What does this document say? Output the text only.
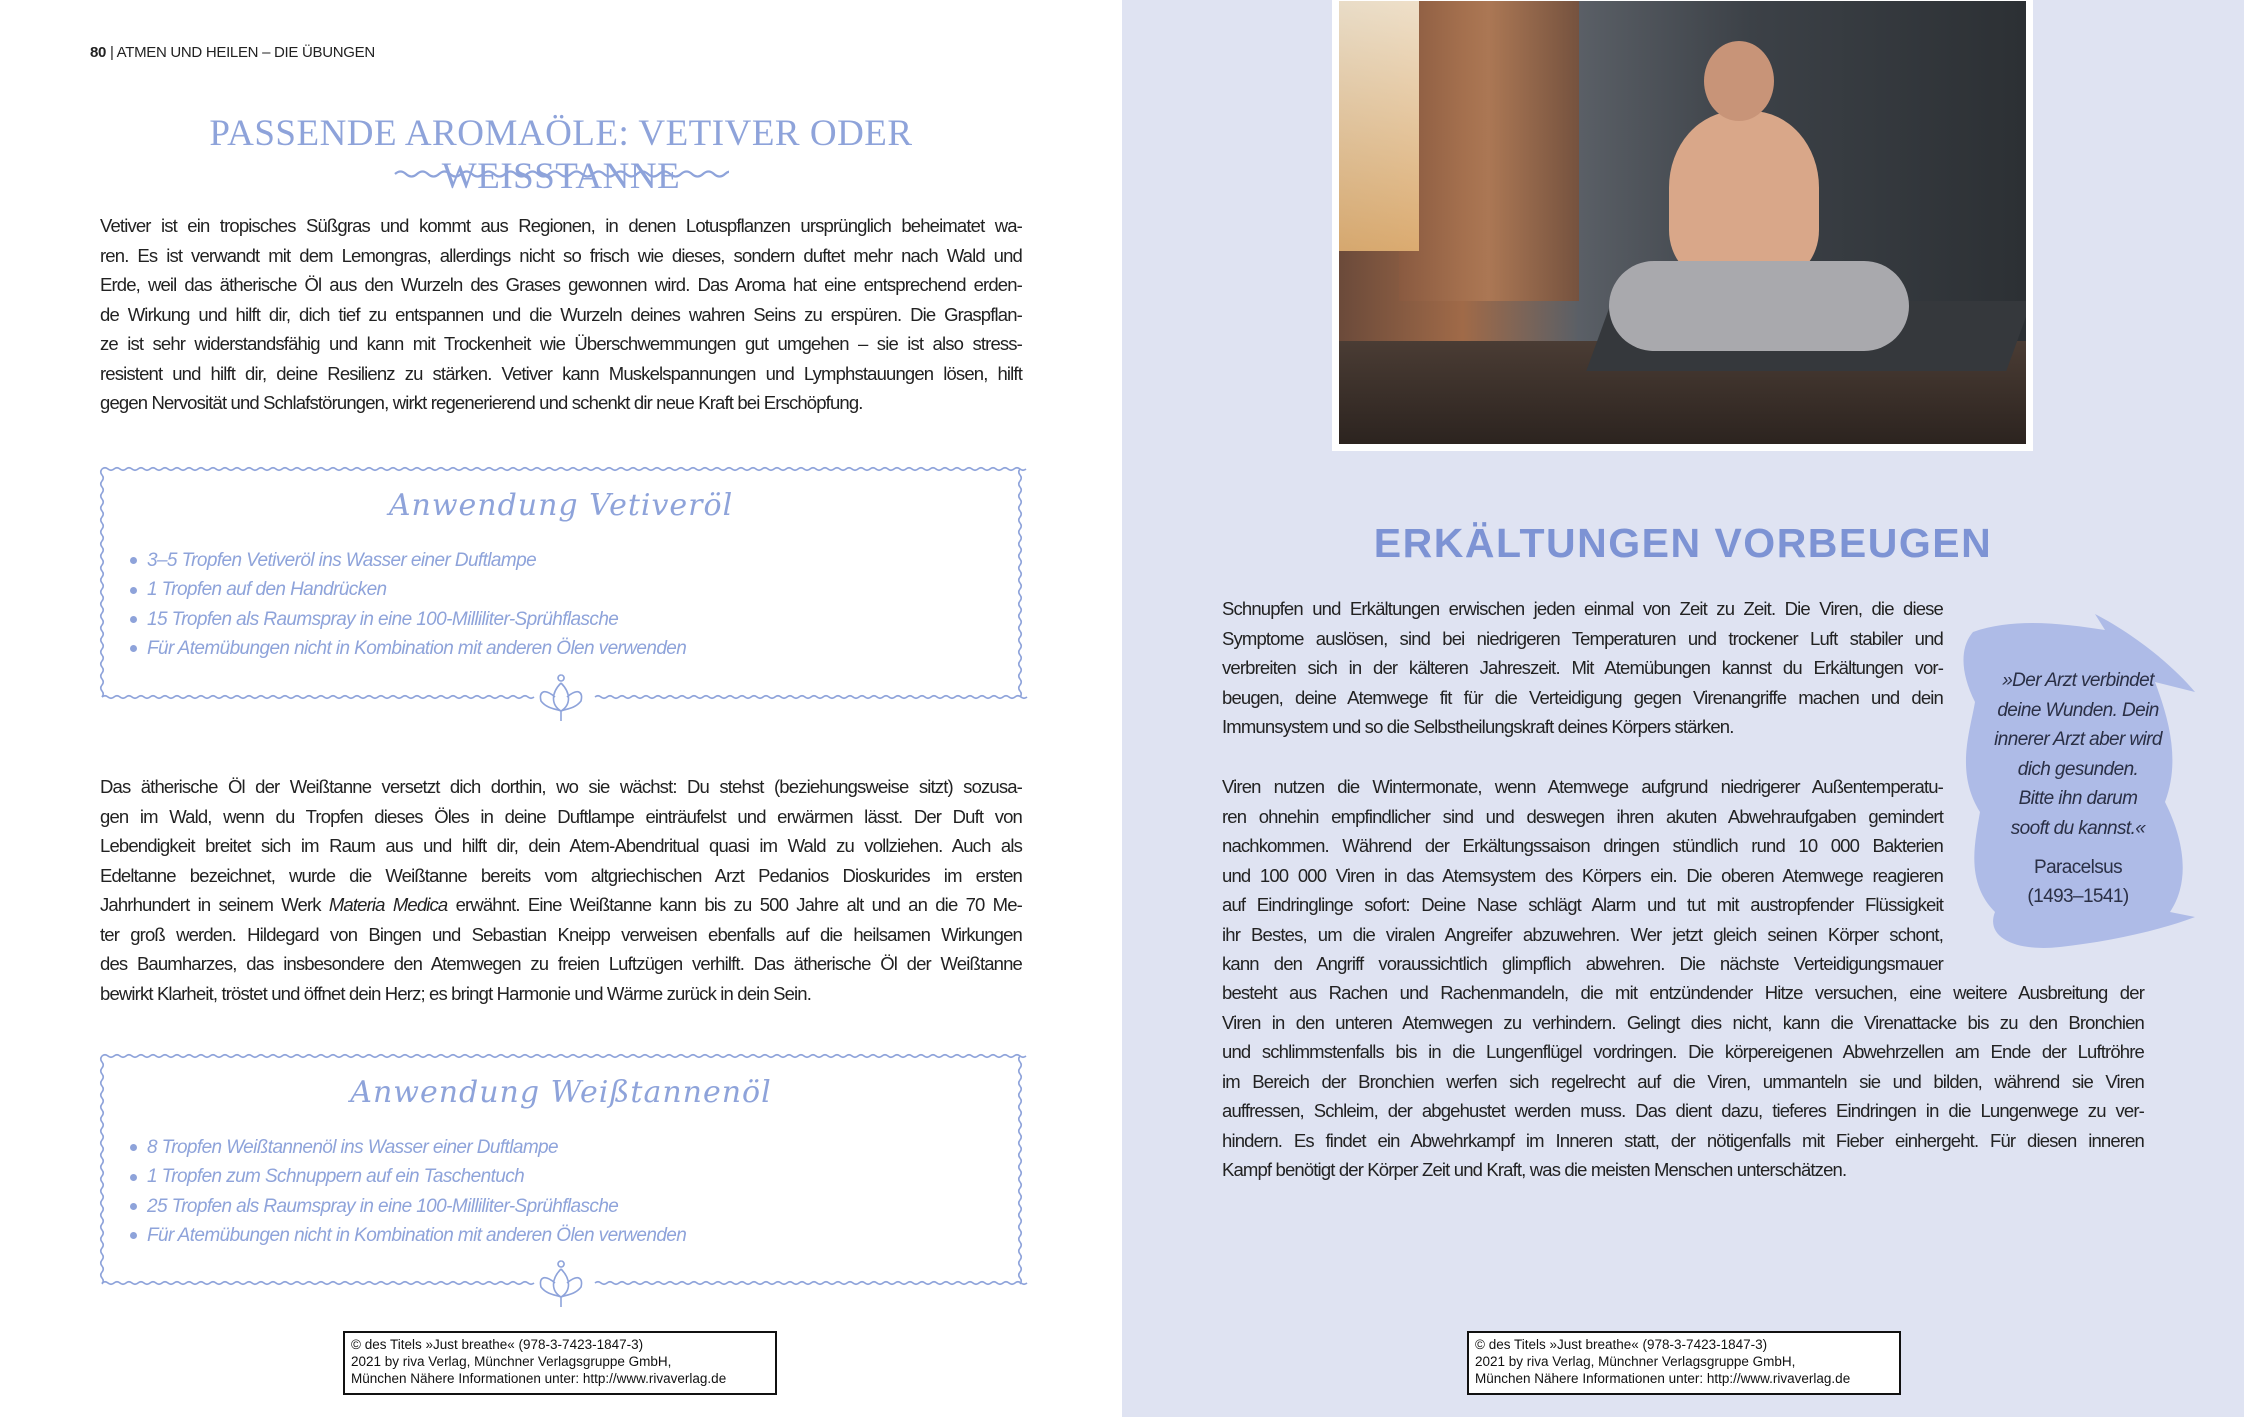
80 | ATMEN UND HEILEN – DIE ÜBUNGEN
PASSENDE AROMAÖLE: VETIVER ODER WEISSTANNE
Anwendung Vetiveröl
3–5 Tropfen Vetiveröl ins Wasser einer Duftlampe
1 Tropfen auf den Handrücken
15 Tropfen als Raumspray in eine 100-Milliliter-Sprühflasche
Für Atemübungen nicht in Kombination mit anderen Ölen verwenden
Anwendung Weißtannenöl
8 Tropfen Weißtannenöl ins Wasser einer Duftlampe
1 Tropfen zum Schnuppern auf ein Taschentuch
25 Tropfen als Raumspray in eine 100-Milliliter-Sprühflasche
Für Atemübungen nicht in Kombination mit anderen Ölen verwenden
© des Titels »Just breathe« (978-3-7423-1847-3)
2021 by riva Verlag, Münchner Verlagsgruppe GmbH,
München Nähere Informationen unter: http://www.rivaverlag.de
ERKÄLTUNGEN VORBEUGEN
»Der Arzt verbindet
deine Wunden. Dein
innerer Arzt aber wird
dich gesunden.
Bitte ihn darum
sooft du kannst.«
Paracelsus
(1493–1541)
© des Titels »Just breathe« (978-3-7423-1847-3)
2021 by riva Verlag, Münchner Verlagsgruppe GmbH,
München Nähere Informationen unter: http://www.rivaverlag.de
Vetiver ist ein tropisches Süßgras und kommt aus Regionen, in denen Lotuspflanzen ursprünglich beheimatet wa-
ren. Es ist verwandt mit dem Lemongras, allerdings nicht so frisch wie dieses, sondern duftet mehr nach Wald und
Erde, weil das ätherische Öl aus den Wurzeln des Grases gewonnen wird. Das Aroma hat eine entsprechend erden-
de Wirkung und hilft dir, dich tief zu entspannen und die Wurzeln deines wahren Seins zu erspüren. Die Graspflan-
ze ist sehr widerstandsfähig und kann mit Trockenheit wie Überschwemmungen gut umgehen – sie ist also stress-
resistent und hilft dir, deine Resilienz zu stärken. Vetiver kann Muskelspannungen und Lymphstauungen lösen, hilft
gegen Nervosität und Schlafstörungen, wirkt regenerierend und schenkt dir neue Kraft bei Erschöpfung.
Das ätherische Öl der Weißtanne versetzt dich dorthin, wo sie wächst: Du stehst (beziehungsweise sitzt) sozusa-
gen im Wald, wenn du Tropfen dieses Öles in deine Duftlampe einträufelst und erwärmen lässt. Der Duft von
Lebendigkeit breitet sich im Raum aus und hilft dir, dein Atem-Abendritual quasi im Wald zu vollziehen. Auch als
Edeltanne bezeichnet, wurde die Weißtanne bereits vom altgriechischen Arzt Pedanios Dioskurides im ersten
Jahrhundert in seinem Werk Materia Medica erwähnt. Eine Weißtanne kann bis zu 500 Jahre alt und an die 70 Me-
ter groß werden. Hildegard von Bingen und Sebastian Kneipp verweisen ebenfalls auf die heilsamen Wirkungen
des Baumharzes, das insbesondere den Atemwegen zu freien Luftzügen verhilft. Das ätherische Öl der Weißtanne
bewirkt Klarheit, tröstet und öffnet dein Herz; es bringt Harmonie und Wärme zurück in dein Sein.
Schnupfen und Erkältungen erwischen jeden einmal von Zeit zu Zeit. Die Viren, die diese
Symptome auslösen, sind bei niedrigeren Temperaturen und trockener Luft stabiler und
verbreiten sich in der kälteren Jahreszeit. Mit Atemübungen kannst du Erkältungen vor-
beugen, deine Atemwege fit für die Verteidigung gegen Virenangriffe machen und dein
Immunsystem und so die Selbstheilungskraft deines Körpers stärken.
Viren nutzen die Wintermonate, wenn Atemwege aufgrund niedrigerer Außentemperatu-
ren ohnehin empfindlicher sind und deswegen ihren akuten Abwehraufgaben gemindert
nachkommen. Während der Erkältungssaison dringen stündlich rund 10 000 Bakterien
und 100 000 Viren in das Atemsystem des Körpers ein. Die oberen Atemwege reagieren
auf Eindringlinge sofort: Deine Nase schlägt Alarm und tut mit austropfender Flüssigkeit
ihr Bestes, um die viralen Angreifer abzuwehren. Wer jetzt gleich seinen Körper schont,
kann den Angriff voraussichtlich glimpflich abwehren. Die nächste Verteidigungsmauer
besteht aus Rachen und Rachenmandeln, die mit entzündender Hitze versuchen, eine weitere Ausbreitung der
Viren in den unteren Atemwegen zu verhindern. Gelingt dies nicht, kann die Virenattacke bis zu den Bronchien
und schlimmstenfalls bis in die Lungenflügel vordringen. Die körpereigenen Abwehrzellen am Ende der Luftröhre
im Bereich der Bronchien werfen sich regelrecht auf die Viren, ummanteln sie und bilden, während sie Viren
auffressen, Schleim, der abgehustet werden muss. Das dient dazu, tieferes Eindringen in die Lungenwege zu ver-
hindern. Es findet ein Abwehrkampf im Inneren statt, der nötigenfalls mit Fieber einhergeht. Für diesen inneren
Kampf benötigt der Körper Zeit und Kraft, was die meisten Menschen unterschätzen.
